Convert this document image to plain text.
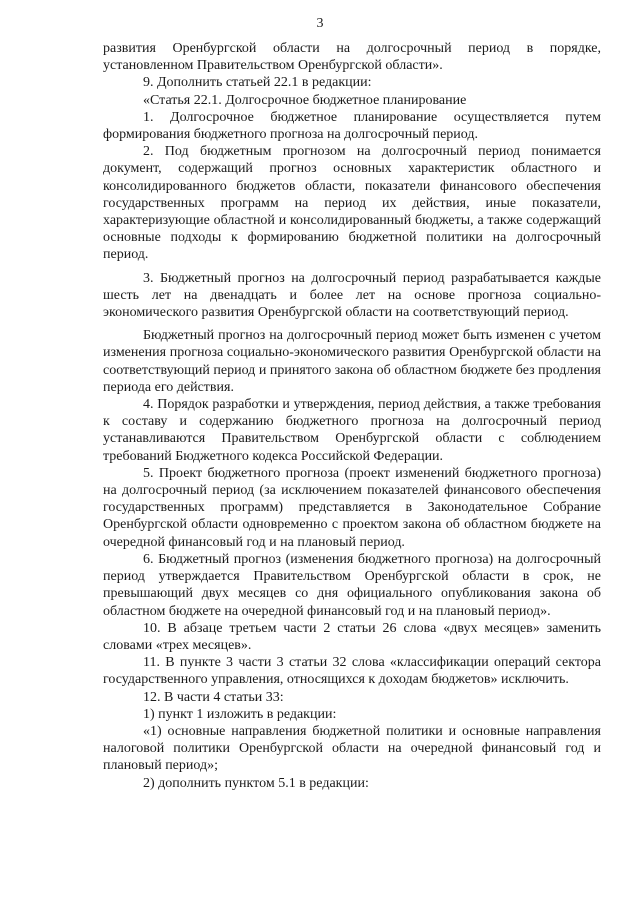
3

развития Оренбургской области на долгосрочный период в порядке, установленном Правительством Оренбургской области».

9. Дополнить статьей 22.1 в редакции:

«Статья 22.1. Долгосрочное бюджетное планирование

1. Долгосрочное бюджетное планирование осуществляется путем формирования бюджетного прогноза на долгосрочный период.

2. Под бюджетным прогнозом на долгосрочный период понимается документ, содержащий прогноз основных характеристик областного и консолидированного бюджетов области, показатели финансового обеспечения государственных программ на период их действия, иные показатели, характеризующие областной и консолидированный бюджеты, а также содержащий основные подходы к формированию бюджетной политики на долгосрочный период.

3. Бюджетный прогноз на долгосрочный период разрабатывается каждые шесть лет на двенадцать и более лет на основе прогноза социально-экономического развития Оренбургской области на соответствующий период.

Бюджетный прогноз на долгосрочный период может быть изменен с учетом изменения прогноза социально-экономического развития Оренбургской области на соответствующий период и принятого закона об областном бюджете без продления периода его действия.

4. Порядок разработки и утверждения, период действия, а также требования к составу и содержанию бюджетного прогноза на долгосрочный период устанавливаются Правительством Оренбургской области с соблюдением требований Бюджетного кодекса Российской Федерации.

5. Проект бюджетного прогноза (проект изменений бюджетного прогноза) на долгосрочный период (за исключением показателей финансового обеспечения государственных программ) представляется в Законодательное Собрание Оренбургской области одновременно с проектом закона об областном бюджете на очередной финансовый год и на плановый период.

6. Бюджетный прогноз (изменения бюджетного прогноза) на долгосрочный период утверждается Правительством Оренбургской области в срок, не превышающий двух месяцев со дня официального опубликования закона об областном бюджете на очередной финансовый год и на плановый период».

10. В абзаце третьем части 2 статьи 26 слова «двух месяцев» заменить словами «трех месяцев».

11. В пункте 3 части 3 статьи 32 слова «классификации операций сектора государственного управления, относящихся к доходам бюджетов» исключить.

12. В части 4 статьи 33:

1) пункт 1 изложить в редакции:

«1) основные направления бюджетной политики и основные направления налоговой политики Оренбургской области на очередной финансовый год и плановый период»;

2) дополнить пунктом 5.1 в редакции:
